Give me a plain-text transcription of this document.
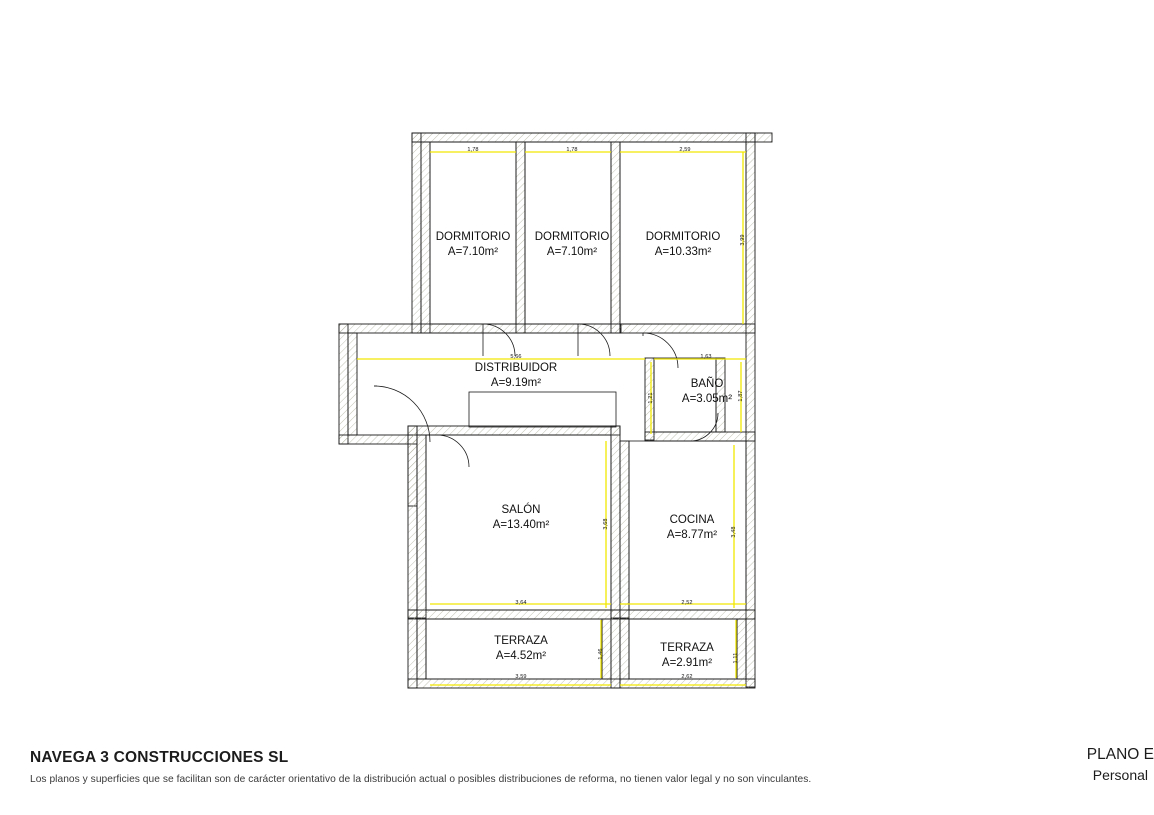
DORMITORIO
A=7.10m²
DORMITORIO
A=7.10m²
DORMITORIO
A=10.33m²
DISTRIBUIDOR
A=9.19m²	BAÑO
A=3.05m²
SALÓN
A=13.40m²	COCINA
A=8.77m²
TERRAZA
A=4.52m²
TERRAZA
A=2.91m²
1,78	1,78	2,59
3,99
5,66	1,63
1,21	1,87
3,68
3,48
3,64	2,52
1,46	1,11
3,59	2,62
NAVEGA 3 CONSTRUCCIONES SL
Los planos y superficies que se facilitan son de carácter orientativo de la distribución actual o posibles distribuciones de reforma, no tienen valor legal y no son vinculantes.
PLANO E
Personal
